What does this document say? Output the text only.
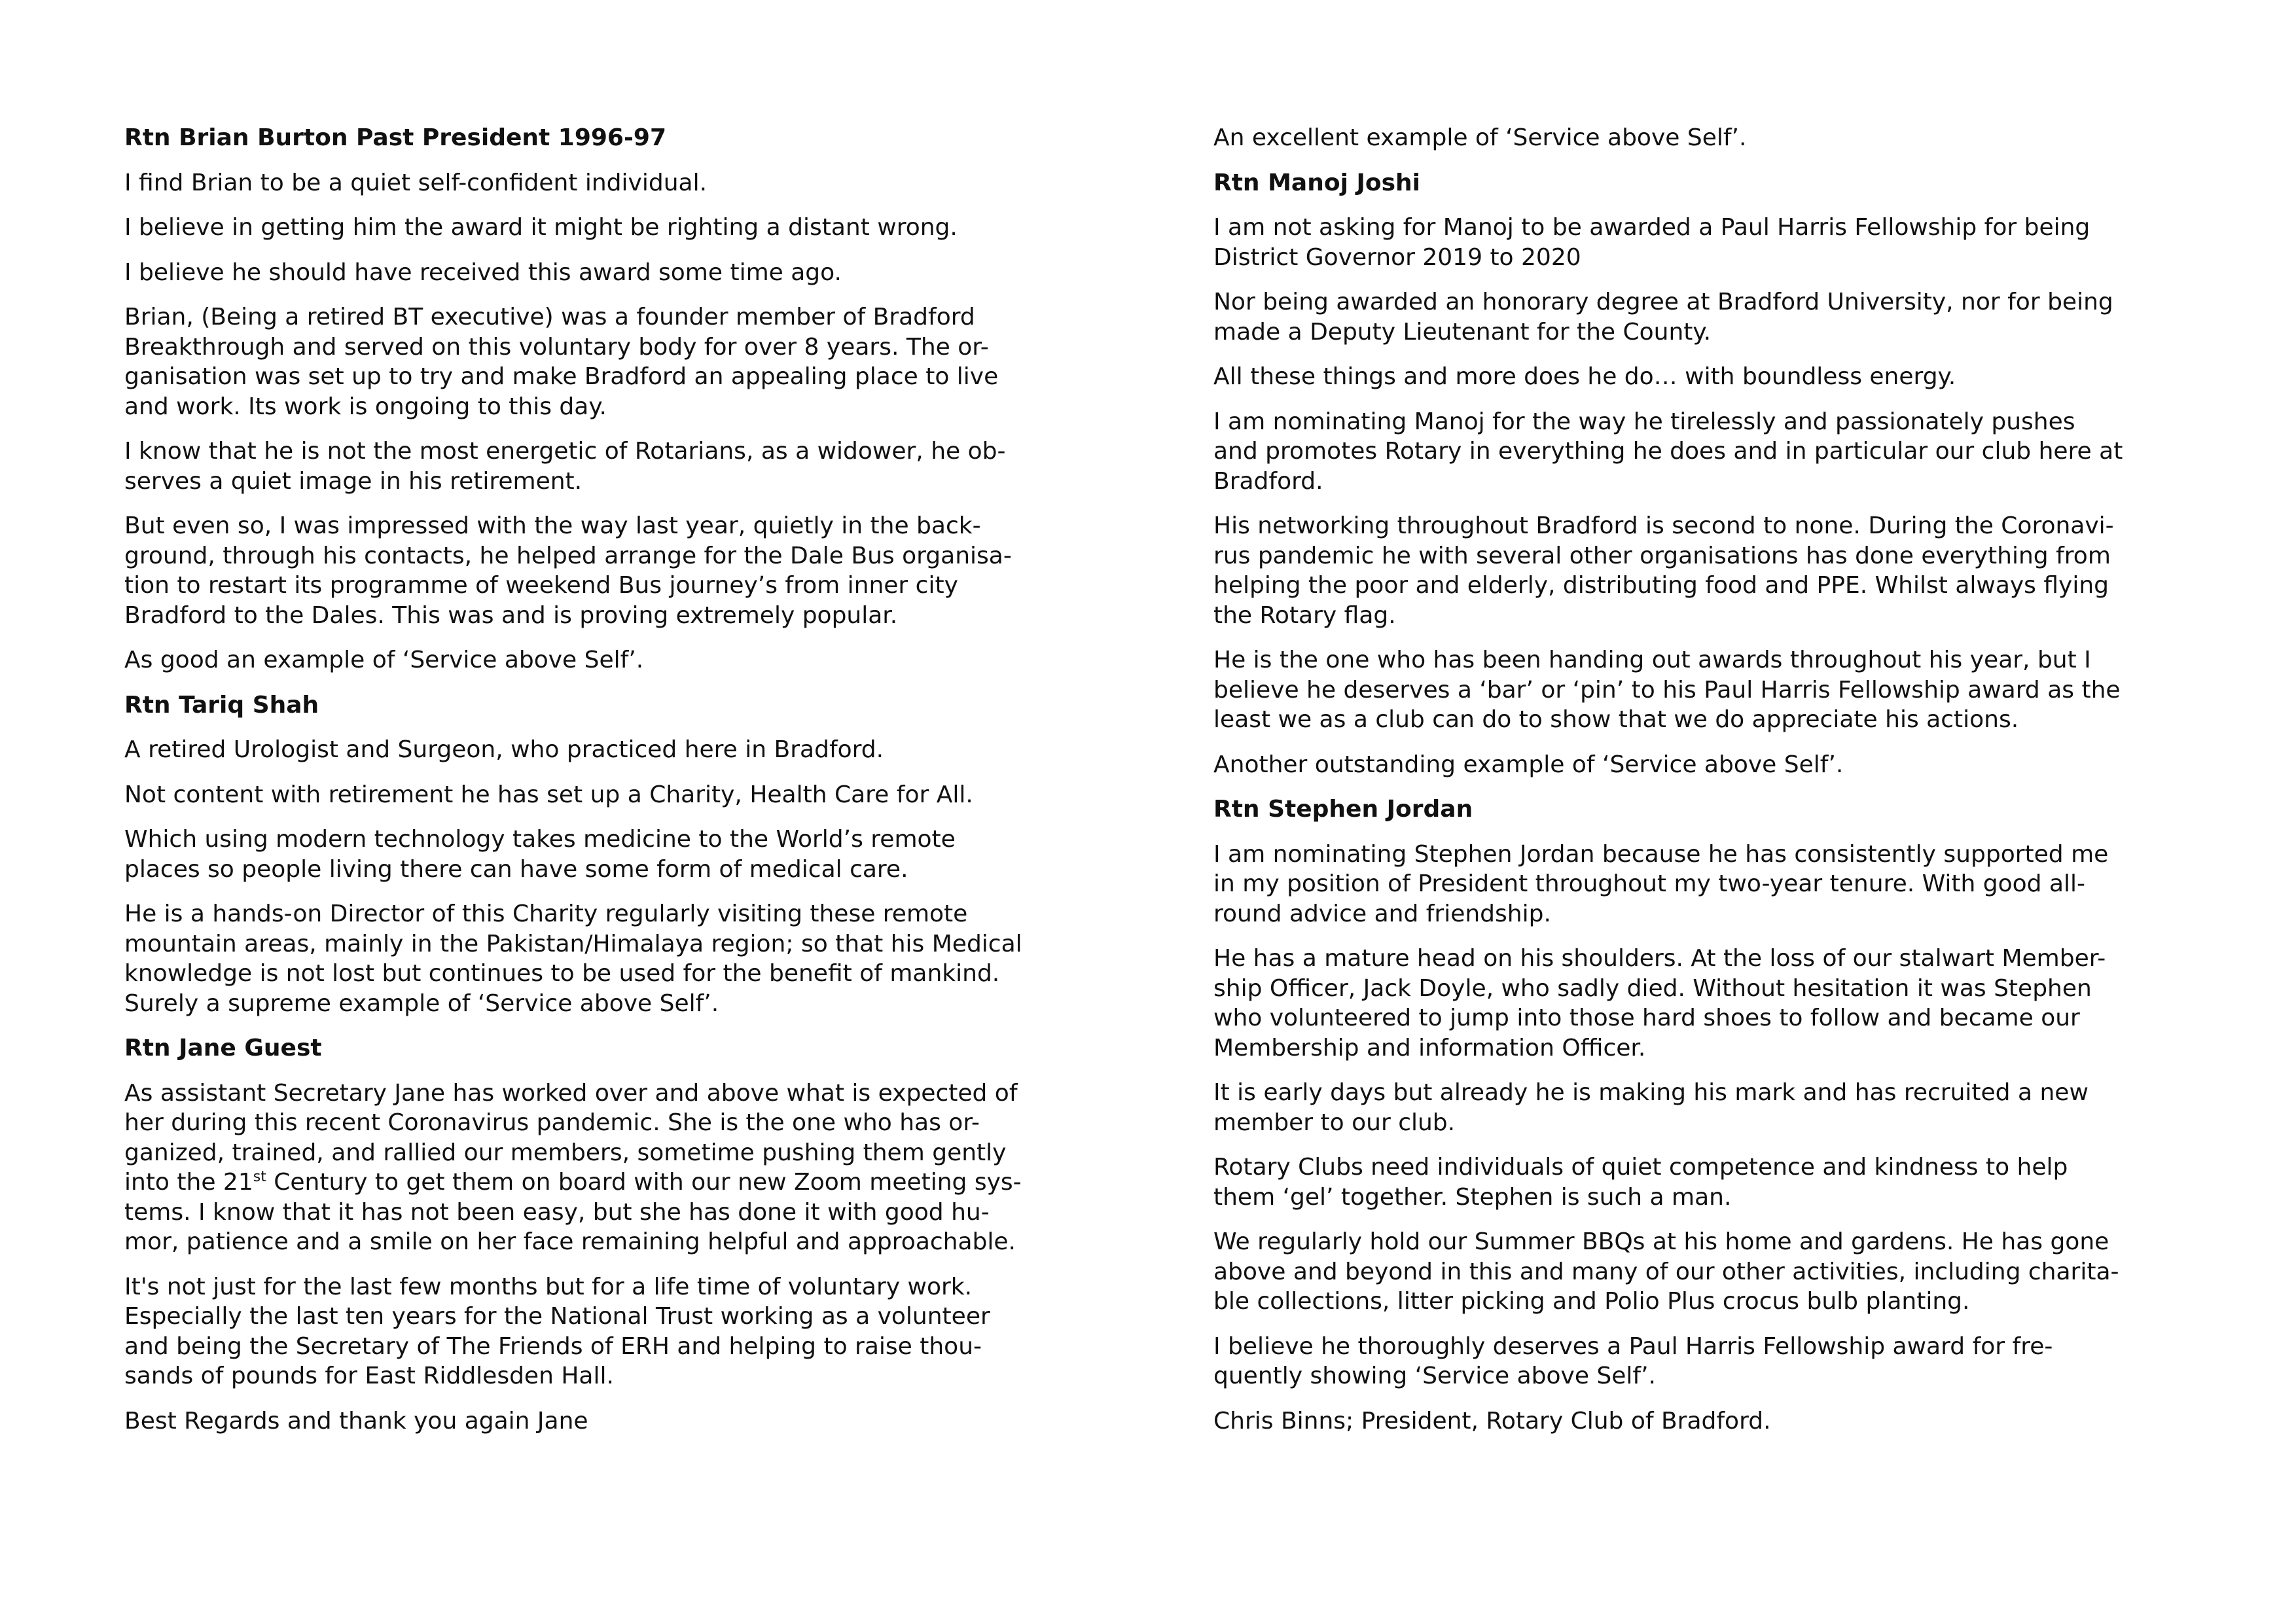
Rtn Brian Burton Past President 1996-97

I find Brian to be a quiet self-confident individual.

I believe in getting him the award it might be righting a distant wrong.

I believe he should have received this award some time ago.

Brian, (Being a retired BT executive) was a founder member of Bradford
Breakthrough and served on this voluntary body for over 8 years. The or-
ganisation was set up to try and make Bradford an appealing place to live
and work. Its work is ongoing to this day.

I know that he is not the most energetic of Rotarians, as a widower, he ob-
serves a quiet image in his retirement.

But even so, I was impressed with the way last year, quietly in the back-
ground, through his contacts, he helped arrange for the Dale Bus organisa-
tion to restart its programme of weekend Bus journey’s from inner city
Bradford to the Dales. This was and is proving extremely popular.

As good an example of ‘Service above Self’.

Rtn Tariq Shah

A retired Urologist and Surgeon, who practiced here in Bradford.

Not content with retirement he has set up a Charity, Health Care for All.

Which using modern technology takes medicine to the World’s remote
places so people living there can have some form of medical care.

He is a hands-on Director of this Charity regularly visiting these remote
mountain areas, mainly in the Pakistan/Himalaya region; so that his Medical
knowledge is not lost but continues to be used for the benefit of mankind.
Surely a supreme example of ‘Service above Self’.

Rtn Jane Guest

As assistant Secretary Jane has worked over and above what is expected of
her during this recent Coronavirus pandemic. She is the one who has or-
ganized, trained, and rallied our members, sometime pushing them gently
into the 21st Century to get them on board with our new Zoom meeting sys-
tems. I know that it has not been easy, but she has done it with good hu-
mor, patience and a smile on her face remaining helpful and approachable.

It's not just for the last few months but for a life time of voluntary work.
Especially the last ten years for the National Trust working as a volunteer
and being the Secretary of The Friends of ERH and helping to raise thou-
sands of pounds for East Riddlesden Hall.

Best Regards and thank you again Jane

An excellent example of ‘Service above Self’.

Rtn Manoj Joshi

I am not asking for Manoj to be awarded a Paul Harris Fellowship for being
District Governor 2019 to 2020

Nor being awarded an honorary degree at Bradford University, nor for being
made a Deputy Lieutenant for the County.

All these things and more does he do… with boundless energy.

I am nominating Manoj for the way he tirelessly and passionately pushes
and promotes Rotary in everything he does and in particular our club here at
Bradford.

His networking throughout Bradford is second to none. During the Coronavi-
rus pandemic he with several other organisations has done everything from
helping the poor and elderly, distributing food and PPE. Whilst always flying
the Rotary flag.

He is the one who has been handing out awards throughout his year, but I
believe he deserves a ‘bar’ or ‘pin’ to his Paul Harris Fellowship award as the
least we as a club can do to show that we do appreciate his actions.

Another outstanding example of ‘Service above Self’.

Rtn Stephen Jordan

I am nominating Stephen Jordan because he has consistently supported me
in my position of President throughout my two-year tenure. With good all-
round advice and friendship.

He has a mature head on his shoulders. At the loss of our stalwart Member-
ship Officer, Jack Doyle, who sadly died. Without hesitation it was Stephen
who volunteered to jump into those hard shoes to follow and became our
Membership and information Officer.

It is early days but already he is making his mark and has recruited a new
member to our club.

Rotary Clubs need individuals of quiet competence and kindness to help
them ‘gel’ together. Stephen is such a man.

We regularly hold our Summer BBQs at his home and gardens. He has gone
above and beyond in this and many of our other activities, including charita-
ble collections, litter picking and Polio Plus crocus bulb planting.

I believe he thoroughly deserves a Paul Harris Fellowship award for fre-
quently showing ‘Service above Self’.

Chris Binns; President, Rotary Club of Bradford.
